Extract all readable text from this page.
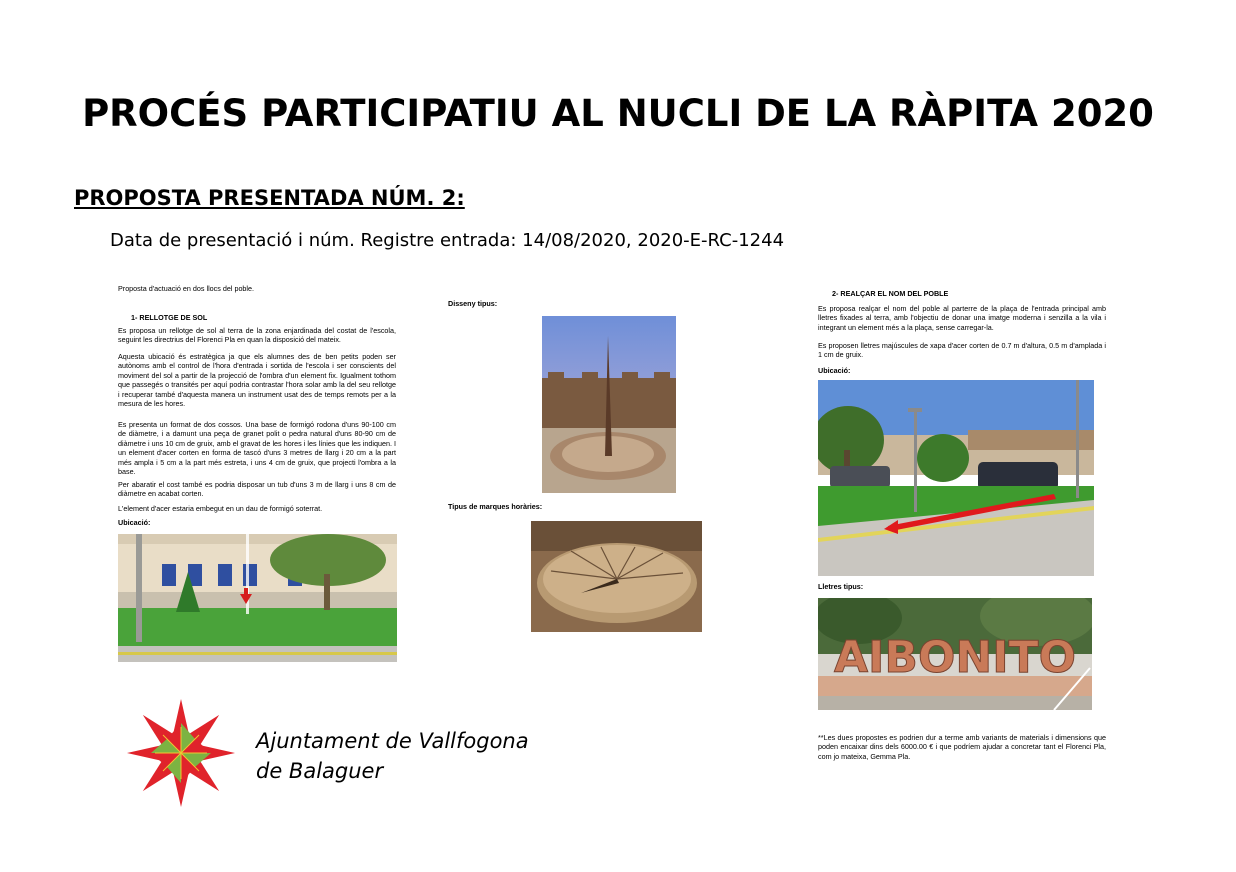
PROCÉS PARTICIPATIU AL NUCLI DE LA RÀPITA 2020
PROPOSTA PRESENTADA NÚM. 2:
Data de presentació i núm. Registre entrada: 14/08/2020, 2020-E-RC-1244
Proposta d'actuació en dos llocs del poble.
1- RELLOTGE DE SOL
Es proposa un rellotge de sol al terra de la zona enjardinada del costat de l'escola, seguint les directrius del Florenci Pla en quan la disposició del mateix.
Aquesta ubicació és estratègica ja que els alumnes des de ben petits poden ser autònoms amb el control de l'hora d'entrada i sortida de l'escola i ser conscients del moviment del sol a partir de la projecció de l'ombra d'un element fix. Igualment tothom que passegés o transités per aquí podria contrastar l'hora solar amb la del seu rellotge i recuperar també d'aquesta manera un instrument usat des de temps remots per a la mesura de les hores.
Es presenta un format de dos cossos. Una base de formigó rodona d'uns 90-100 cm de diàmetre, i a damunt una peça de granet polit o pedra natural d'uns 80-90 cm de diàmetre i uns 10 cm de gruix, amb el gravat de les hores i les línies que les indiquen. I un element d'acer corten en forma de tascó d'uns 3 metres de llarg i 20 cm a la part més ampla i 5 cm a la part més estreta, i uns 4 cm de gruix, que projecti l'ombra a la base.
Per abaratir el cost també es podria disposar un tub d'uns 3 m de llarg i uns 8 cm de diàmetre en acabat corten.
L'element d'acer estaria embegut en un dau de formigó soterrat.
Ubicació:
Disseny tipus:
Tipus de marques horàries:
2- REALÇAR EL NOM DEL POBLE
Es proposa realçar el nom del poble al parterre de la plaça de l'entrada principal amb lletres fixades al terra, amb l'objectiu de donar una imatge moderna i senzilla a la vila i integrant un element més a la plaça, sense carregar-la.
Es proposen lletres majúscules de xapa d'acer corten de 0.7 m d'altura, 0.5 m d'amplada i 1 cm de gruix.
Ubicació:
Lletres tipus:
AIBONITO
**Les dues propostes es podrien dur a terme amb variants de materials i dimensions que poden encaixar dins dels 6000.00 € i que podríem ajudar a concretar tant el Florenci Pla, com jo mateixa, Gemma Pla.
Ajuntament de Vallfogona
de Balaguer
